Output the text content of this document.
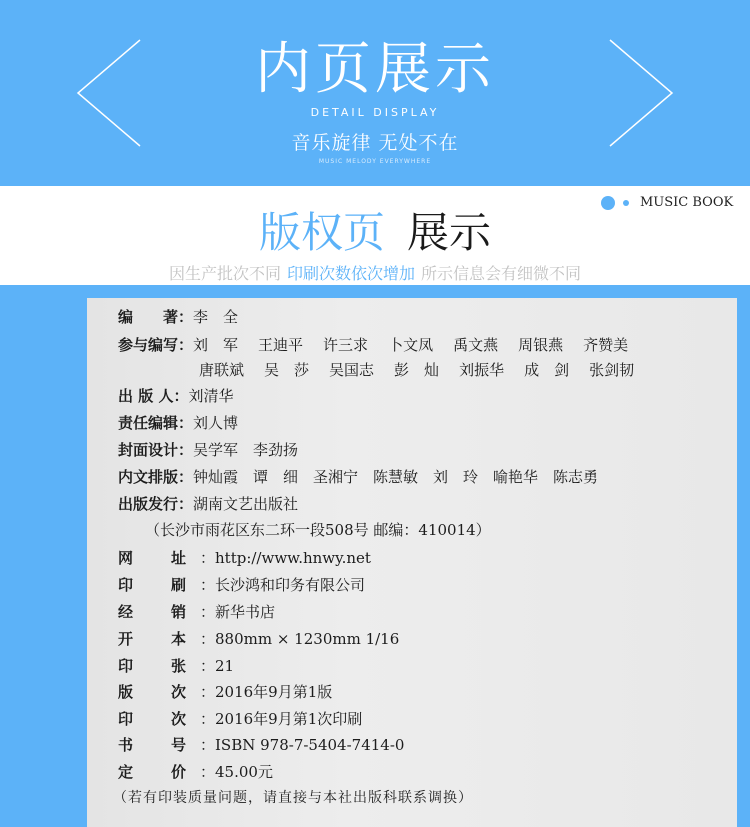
内页展示
DETAIL DISPLAY
音乐旋律 无处不在
MUSIC MELODY EVERYWHERE
MUSIC BOOK
版权页 展示
因生产批次不同 印刷次数依次增加 所示信息会有细微不同
编　　著：李　全
参与编写：刘　军 王迪平 许三求 卜文凤 禹文燕 周银燕 齐赞美
唐联斌 吴　莎 吴国志 彭　灿 刘振华 成　剑 张剑韧
出 版 人：刘清华
责任编辑：刘人博
封面设计：吴学军　李劲扬
内文排版：钟灿霞　谭　细　圣湘宁　陈慧敏　刘　玲　喻艳华　陈志勇
出版发行：湖南文艺出版社
（长沙市雨花区东二环一段508号 邮编：410014）
网址 ：http://www.hnwy.net
印刷 ：长沙鸿和印务有限公司
经销 ：新华书店
开本 ：880mm × 1230mm 1/16
印张 ：21
版次 ：2016年9月第1版
印次 ：2016年9月第1次印刷
书号 ：ISBN 978-7-5404-7414-0
定价 ：45.00元
（若有印装质量问题，请直接与本社出版科联系调换）
